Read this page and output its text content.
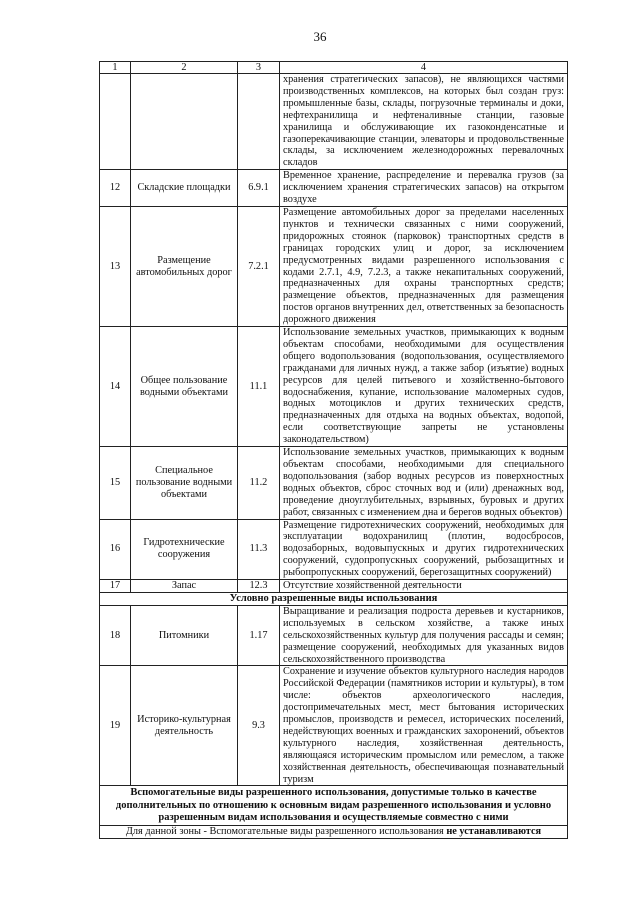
36
1	2	3	4
			хранения стратегических запасов), не являющихся частями производственных комплексов, на которых был создан груз: промышленные базы, склады, погрузочные терминалы и доки, нефтехранилища и нефтеналивные станции, газовые хранилища и обслуживающие их газоконденсатные и газоперекачивающие станции, элеваторы и продовольственные склады, за исключением железнодорожных перевалочных складов
12	Складские площадки	6.9.1	Временное хранение, распределение и перевалка грузов (за исключением хранения стратегических запасов) на открытом воздухе
13	Размещение автомобильных дорог	7.2.1	Размещение автомобильных дорог за пределами населенных пунктов и технически связанных с ними сооружений, придорожных стоянок (парковок) транспортных средств в границах городских улиц и дорог, за исключением предусмотренных видами разрешенного использования с кодами 2.7.1, 4.9, 7.2.3, а также некапитальных сооружений, предназначенных для охраны транспортных средств; размещение объектов, предназначенных для размещения постов органов внутренних дел, ответственных за безопасность дорожного движения
14	Общее пользование водными объектами	11.1	Использование земельных участков, примыкающих к водным объектам способами, необходимыми для осуществления общего водопользования (водопользования, осуществляемого гражданами для личных нужд, а также забор (изъятие) водных ресурсов для целей питьевого и хозяйственно-бытового водоснабжения, купание, использование маломерных судов, водных мотоциклов и других технических средств, предназначенных для отдыха на водных объектах, водопой, если соответствующие запреты не установлены законодательством)
15	Специальное пользование водными объектами	11.2	Использование земельных участков, примыкающих к водным объектам способами, необходимыми для специального водопользования (забор водных ресурсов из поверхностных водных объектов, сброс сточных вод и (или) дренажных вод, проведение дноуглубительных, взрывных, буровых и других работ, связанных с изменением дна и берегов водных объектов)
16	Гидротехнические сооружения	11.3	Размещение гидротехнических сооружений, необходимых для эксплуатации водохранилищ (плотин, водосбросов, водозаборных, водовыпускных и других гидротехнических сооружений, судопропускных сооружений, рыбозащитных и рыбопропускных сооружений, берегозащитных сооружений)
17	Запас	12.3	Отсутствие хозяйственной деятельности
Условно разрешенные виды использования			
18	Питомники	1.17	Выращивание и реализация подроста деревьев и кустарников, используемых в сельском хозяйстве, а также иных сельскохозяйственных культур для получения рассады и семян; размещение сооружений, необходимых для указанных видов сельскохозяйственного производства
19	Историко-культурная деятельность	9.3	Сохранение и изучение объектов культурного наследия народов Российской Федерации (памятников истории и культуры), в том числе: объектов археологического наследия, достопримечательных мест, мест бытования исторических промыслов, производств и ремесел, исторических поселений, недействующих военных и гражданских захоронений, объектов культурного наследия, хозяйственная деятельность, являющаяся историческим промыслом или ремеслом, а также хозяйственная деятельность, обеспечивающая познавательный туризм
Вспомогательные виды разрешенного использования, допустимые только в качестве дополнительных по отношению к основным видам разрешенного использования и условно разрешенным видам использования и осуществляемые совместно с ними			
Для данной зоны - Вспомогательные виды разрешенного использования не устанавливаются			
